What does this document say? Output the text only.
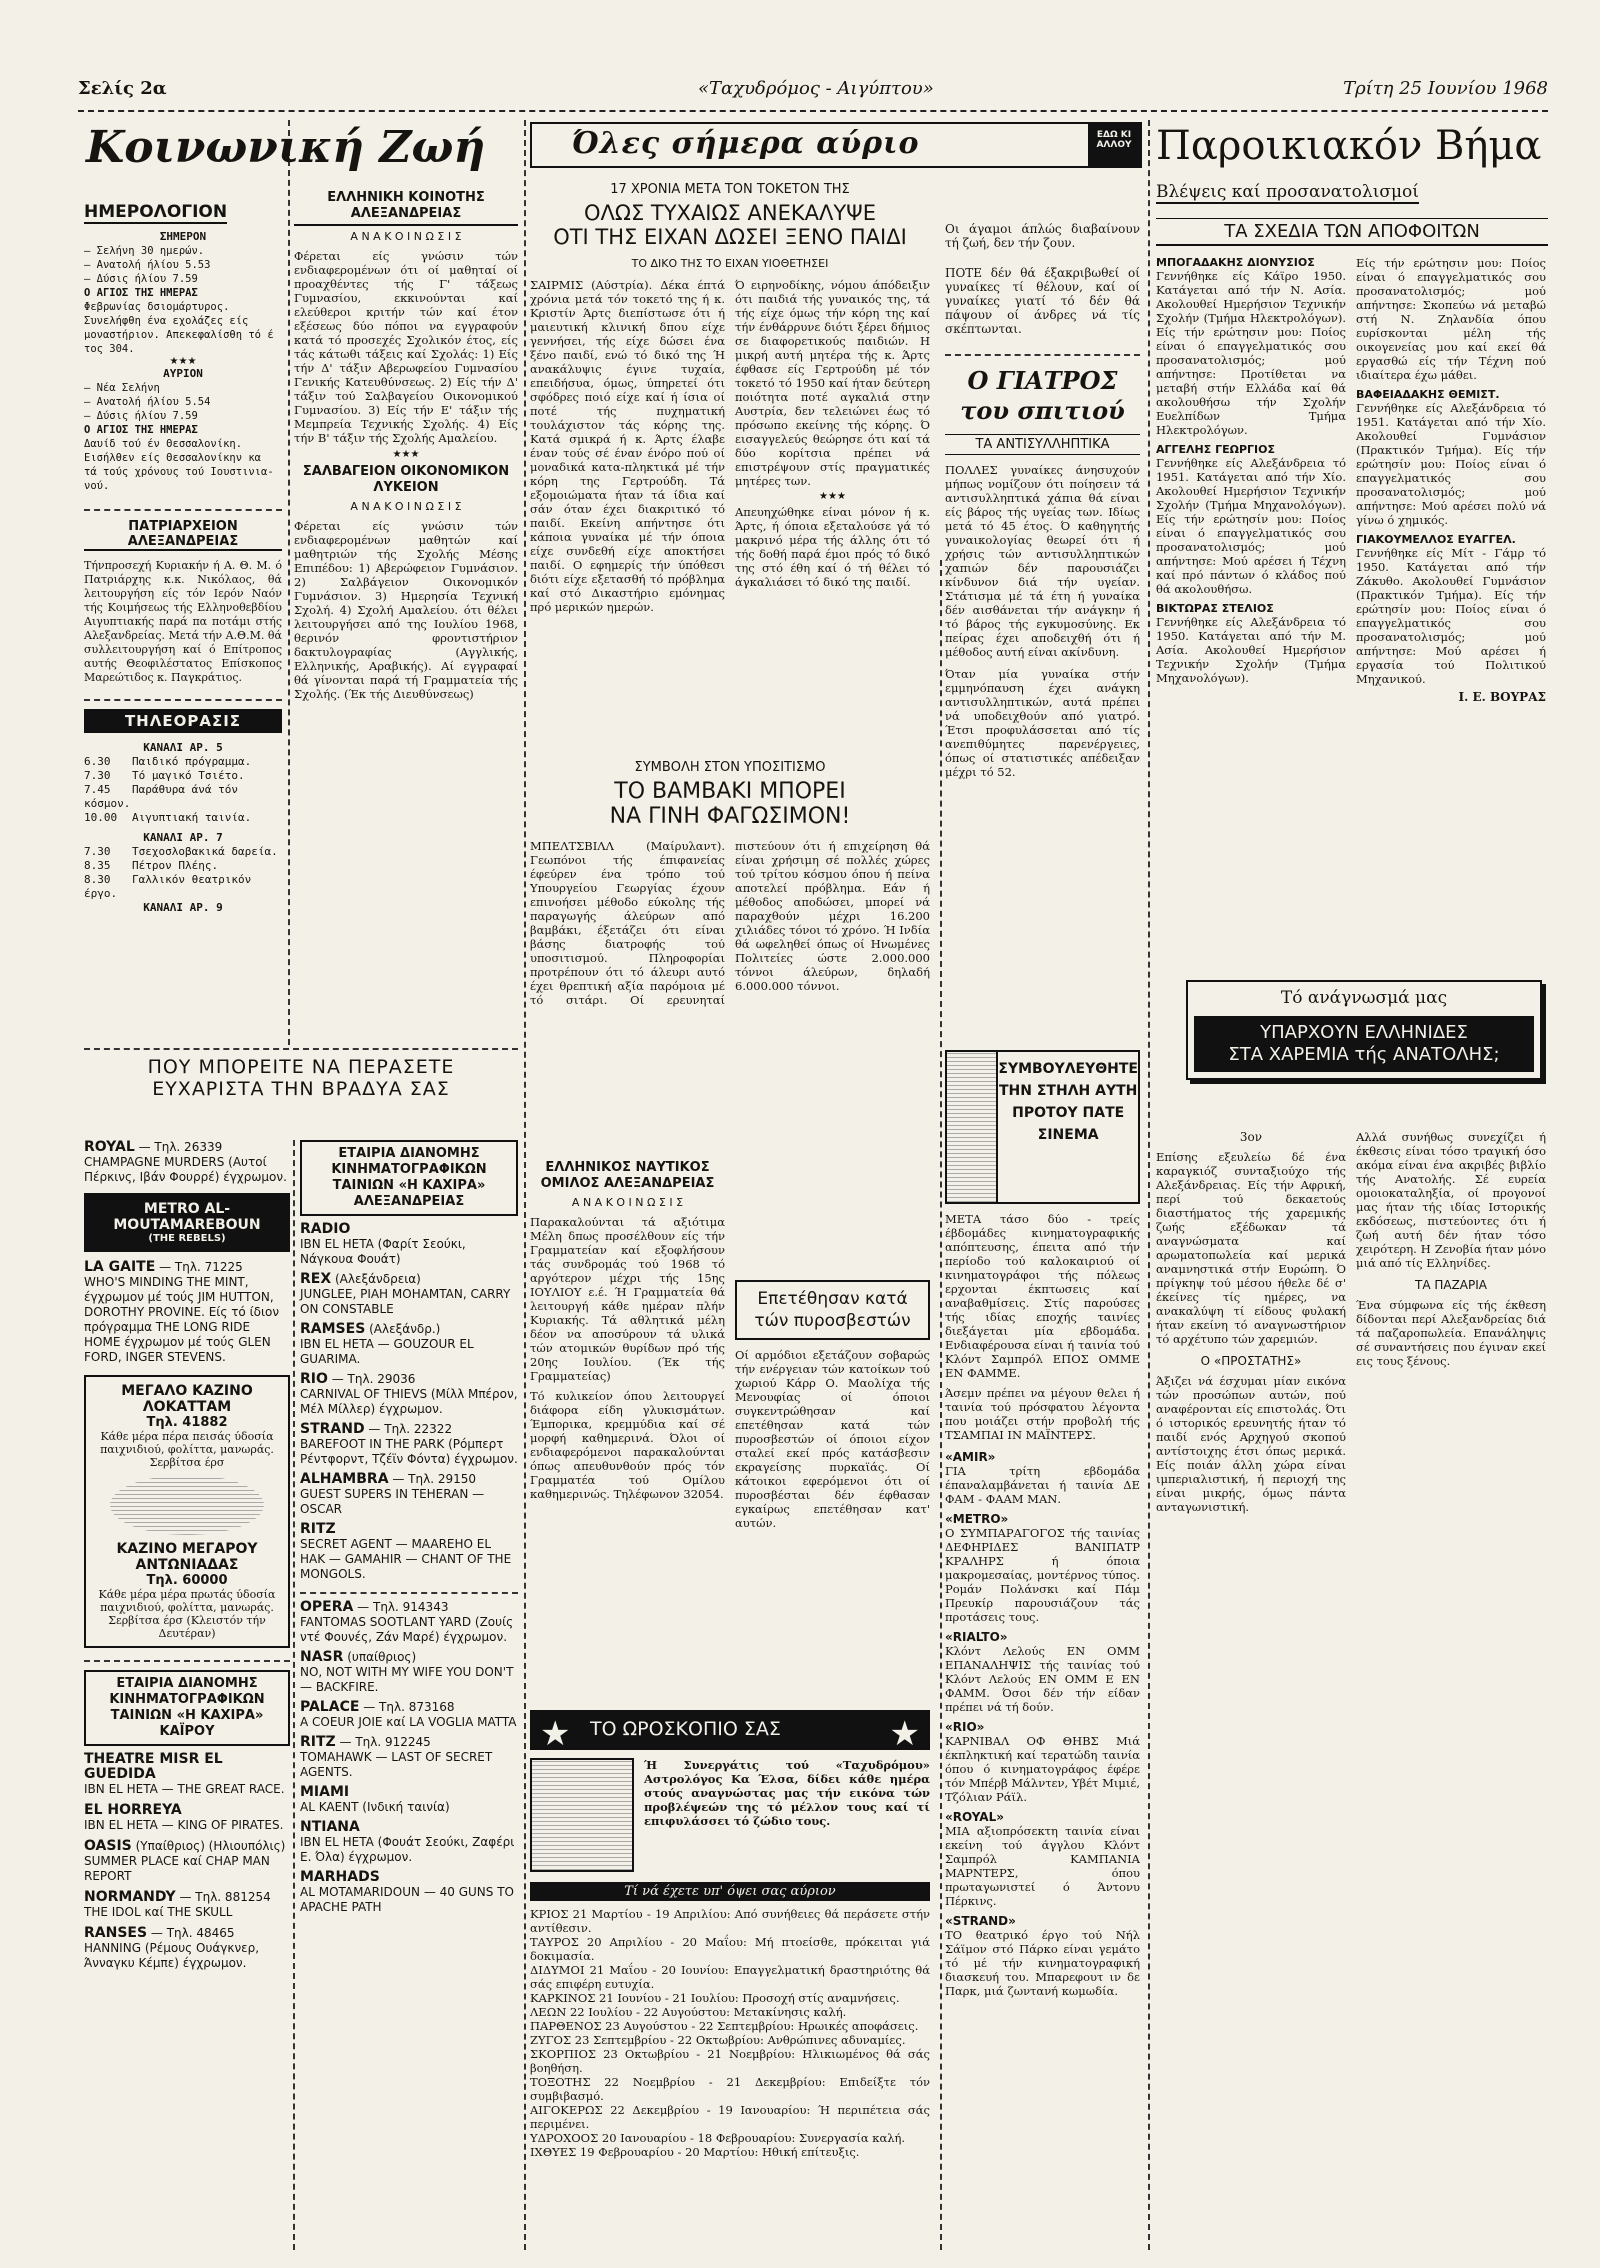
Σελίς 2α	«Ταχυδρόμος - Αιγύπτου»	Τρίτη 25 Ιουνίου 1968
Κοινωνική Ζωή
ΗΜΕΡΟΛΟΓΙΟΝ
ΣΗΜΕΡΟΝ
— Σελήνη 30 ημερών.
— Ανατολή ήλίου 5.53
— Δύσις ήλίου 7.59
Ο ΑΓΙΟΣ ΤΗΣ ΗΜΕΡΑΣ
Φεβρωνίας δσιομάρτυρος.
Συνελήφθη ένα εχολάζες είς
μοναστήριον. Απεκεφαλίσθη τό έ
τος 304.
★★★
ΑΥΡΙΟΝ
— Νέα Σελήνη
— Ανατολή ήλίου 5.54
— Δύσις ήλίου 7.59
Ο ΑΓΙΟΣ ΤΗΣ ΗΜΕΡΑΣ
Δαυίδ τού έν Θεσσαλονίκη.
Εισήλθεν είς Θεσσαλονίκην κα
τά τούς χρόνους τού Ιουστινια-
νού.
ΠΑΤΡΙΑΡΧΕΙΟΝ ΑΛΕΞΑΝΔΡΕΙΑΣ

Τήνπροσεχή Κυριακήν ή Α. Θ. Μ. ό Πατριάρχης κ.κ. Νικόλαος, θά λειτουργήση είς τόν Ιερόν Ναόν τής Κοιμήσεως τής Ελληνοθεβδίου Αιγυπτιακής παρά πα ποτάμι στής Αλεξανδρείας. Μετά τήν Α.Θ.Μ. θά συλλειτουργήση καί ό Επίτροπος αυτής Θεοφιλέστατος Επίσκοπος Μαρεώτιδος κ. Παγκράτιος.

ΤΗΛΕΟΡΑΣΙΣ
ΚΑΝΑΛΙ ΑΡ. 5
6.30 Παιδικό πρόγραμμα.
7.30 Τό μαγικό Τσιέτο.
7.45 Παράθυρα άνά τόν κόσμον.
10.00 Αιγυπτιακή ταινία.
ΚΑΝΑΛΙ ΑΡ. 7
7.30 Τσεχοσλοβακικά δαρεία.
8.35 Πέτρον Πλέης.
8.30 Γαλλικόν θεατρικόν έργο.
ΚΑΝΑΛΙ ΑΡ. 9
ΕΛΛΗΝΙΚΗ ΚΟΙΝΟΤΗΣ ΑΛΕΞΑΝΔΡΕΙΑΣ
Α Ν Α Κ Ο Ι Ν Ω Σ Ι Σ

Φέρεται είς γνώσιν τών ενδιαφερομένων ότι οί μαθηταί οί προαχθέντες τής Γ' τάξεως Γυμνασίου, εκκινούνται καί ελεύθεροι κριτήν τών καί έτον εξέσεως δύο πόποι να εγγραφούν κατά τό προσεχές Σχολικόν έτος, είς τάς κάτωθι τάξεις καί Σχολάς: 1) Είς τήν Δ' τάξιν Αβερωφείου Γυμνασίου Γενικής Κατευθύνσεως. 2) Είς τήν Δ' τάξιν τού Σαλβαγείου Οικονομικού Γυμνασίου. 3) Είς τήν Ε' τάξιν τής Μεμπρεία Τεχνικής Σχολής. 4) Είς τήν Β' τάξιν τής Σχολής Αμαλείου.

★★★
ΣΑΛΒΑΓΕΙΟΝ ΟΙΚΟΝΟΜΙΚΟΝ ΛΥΚΕΙΟΝ
Α Ν Α Κ Ο Ι Ν Ω Σ Ι Σ

Φέρεται είς γνώσιν τών ενδιαφερομένων μαθητών καί μαθητριών τής Σχολής Μέσης Επιπέδου: 1) Αβερώφειον Γυμνάσιον. 2) Σαλβάγειον Οικονομικόν Γυμνάσιον. 3) Ημερησία Τεχνική Σχολή. 4) Σχολή Αμαλείου. ότι θέλει λειτουργήσει από της Ιουλίου 1968, θερινόν φροντιστήριον δακτυλογραφίας (Αγγλικής, Ελληνικής, Αραβικής). Αί εγγραφαί θά γίνονται παρά τή Γραμματεία τής Σχολής. (Έκ τής Διευθύνσεως)

ΠΟΥ ΜΠΟΡΕΙΤΕ ΝΑ ΠΕΡΑΣΕΤΕ
ΕΥΧΑΡΙΣΤΑ ΤΗΝ ΒΡΑΔΥΑ ΣΑΣ
ROYAL — Τηλ. 26339
CHAMPAGNE MURDERS (Αυτοί Πέρκινς, Ιβάν Φουρρέ) έγχρωμον.
METRO AL-MOUTAMAREBOUN
(THE REBELS)
LA GAITE — Τηλ. 71225
WHO'S MINDING THE MINT, έγχρωμον μέ τούς JIM HUTTON, DOROTHY PROVINE. Είς τό ίδιον πρόγραμμα THE LONG RIDE HOME έγχρωμον μέ τούς GLEN FORD, INGER STEVENS.
ΜΕΓΑΛΟ ΚΑΖΙΝΟ ΛΟΚΑΤΤΑΜ
Τηλ. 41882
Κάθε μέρα πέρα πεισάς ύδοσία παιχνιδιού, φολίττα, μανωράς. Σερβίτσα έρσ
ΚΑΖΙΝΟ ΜΕΓΑΡΟΥ ΑΝΤΩΝΙΑΔΑΣ
Τηλ. 60000
Κάθε μέρα μέρα πρωτάς ύδοσία παιχνιδιού, φολίττα, μανωράς. Σερβίτσα έρσ (Κλειστόν τήν Δευτέραν)
ΕΤΑΙΡΙΑ ΔΙΑΝΟΜΗΣ ΚΙΝΗΜΑΤΟΓΡΑΦΙΚΩΝ ΤΑΙΝΙΩΝ «Η ΚΑΧΙΡΑ» ΚΑΪΡΟΥ
THEATRE MISR EL GUEDIDA
IBN EL HETA — THE GREAT RACE.
EL HORREYA
IBN EL HETA — KING OF PIRATES.
OASIS (Υπαίθριος) (Ηλιουπόλις)
SUMMER PLACE καί CHAP MAN REPORT
NORMANDY — Τηλ. 881254
THE IDOL καί THE SKULL
RANSES — Τηλ. 48465
HANNING (Ρέμους Ουάγκνερ, Άνναγκυ Κέμπε) έγχρωμον.
ΕΤΑΙΡΙΑ ΔΙΑΝΟΜΗΣ ΚΙΝΗΜΑΤΟΓΡΑΦΙΚΩΝ ΤΑΙΝΙΩΝ «Η ΚΑΧΙΡΑ» ΑΛΕΞΑΝΔΡΕΙΑΣ
RADIO
IBN EL HETA (Φαρίτ Σεούκι, Νάγκουα Φουάτ)
REX (Αλεξάνδρεια)
JUNGLEE, PIAH MOHAMTAN, CARRY ON CONSTABLE
RAMSES (Αλεξάνδρ.)
IBN EL HETA — GOUZOUR EL GUARIMA.
RIO — Τηλ. 29036
CARNIVAL OF THIEVS (Μίλλ Μπέρον, Μέλ Μίλλερ) έγχρωμον.
STRAND — Τηλ. 22322
BAREFOOT IN THE PARK (Ρόμπερτ Ρέντφορντ, Τζέϊν Φόντα) έγχρωμον.
ALHAMBRA — Τηλ. 29150
GUEST SUPERS IN TEHERAN — OSCAR
RITZ
SECRET AGENT — MAAREHO EL HAK — GAMAHIR — CHANT OF THE MONGOLS.
OPERA — Τηλ. 914343
FANTOMAS SOOTLANT YARD (Ζουίς ντέ Φουνές, Ζάν Μαρέ) έγχρωμον.
NASR (υπαίθριος)
NO, NOT WITH MY WIFE YOU DON'T — BACKFIRE.
PALACE — Τηλ. 873168
A COEUR JOIE καί LA VOGLIA MATTA
RITZ — Τηλ. 912245
TOMAHAWK — LAST OF SECRET AGENTS.
MIAMI
AL KAENT (Ινδική ταινία)
NTIANA
IBN EL HETA (Φουάτ Σεούκι, Ζαφέρι Ε. Όλα) έγχρωμον.
MARHADS
AL MOTAMARIDOUN — 40 GUNS TO APACHE PATH
Όλες σήμερα αύριο	ΕΔΩ ΚΙ ΑΛΛΟΥ
17 ΧΡΟΝΙΑ ΜΕΤΑ ΤΟΝ ΤΟΚΕΤΟΝ ΤΗΣ
ΟΛΩΣ ΤΥΧΑΙΩΣ ΑΝΕΚΑΛΥΨΕ
ΟΤΙ ΤΗΣ ΕΙΧΑΝ ΔΩΣΕΙ ΞΕΝΟ ΠΑΙΔΙ
ΤΟ ΔΙΚΟ ΤΗΣ ΤΟ ΕΙΧΑΝ ΥΙΟΘΕΤΗΣΕΙ

ΣΑΙΡΜΙΣ (Αύστρία). Δέκα έπτά χρόνια μετά τόν τοκετό της ή κ. Κριστίν Άρτς διεπίστωσε ότι ή μαιευτική κλινική δπου είχε γεννήσει, τής είχε δώσει ένα ξένο παιδί, ενώ τό δικό της Ή ανακάλυψις έγινε τυχαία, επειδήσυα, όμως, ύπηρετεί ότι σφόδρες ποιό είχε καί ή ίσια οί ποτέ τής πυχηματική τουλάχιστον τάς κόρης της. Κατά σμικρά ή κ. Άρτς έλαβε έναν τούς σέ έναν ένόρο πού οί μοναδικά κατα-πληκτικά μέ τήν κόρη της Γερτρούδη. Τά εξομοιώματα ήταν τά ίδια καί σάν όταν έχει διακριτικό τό παιδί. Εκείνη απήντησε ότι κάποια γυναίκα μέ τήν όποια είχε συνδεθή είχε αποκτήσει παιδί. Ο εφημερίς τήν ύπόθεσι διότι είχε εξετασθή τό πρόβλημα καί στό Δικαστήριο εμόνημας πρό μερικών ημερών.

Ό ειρηνοδίκης, νόμου άπόδειξιν ότι παιδιά τής γυναικός της, τά τής είχε όμως τήν κόρη της καί τήν ένθάρρυνε διότι ξέρει δήμιος σε διαφορετικούς παιδιών. Η μικρή αυτή μητέρα τής κ. Άρτς έφθασε είς Γερτρούδη μέ τόν τοκετό τό 1950 καί ήταν δεύτερη ποιότητα ποτέ αγκαλιά στην Αυστρία, δεν τελειώνει έως τό πρόσωπο εκείνης τής κόρης. Ό εισαγγελεύς θεώρησε ότι καί τά δύο κορίτσια πρέπει νά επιστρέψουν στίς πραγματικές μητέρες των.

★★★

Απευηχώθηκε είναι μόνον ή κ. Άρτς, ή όποια εξεταλούσε γά τό μακρινό μέρα τής άλλης ότι τό τής δοθή παρά έμοι πρός τό δικό της στό έθη καί ό τή θέλει τό άγκαλιάσει τό δικό της παιδί.

Οι άγαμοι άπλώς διαβαίνουν τή ζωή, δεν τήν ζουν.

ΠΟΤΕ δέν θά έξακριβωθεί οί γυναίκες τί θέλουν, καί οί γυναίκες γιατί τό δέν θά πάψουν οί άνδρες νά τίς σκέπτωνται.

Ο ΓΙΑΤΡΟΣ του σπιτιού
ΤΑ ΑΝΤΙΣΥΛΛΗΠΤΙΚΑ

ΠΟΛΛΕΣ γυναίκες άνησυχούν μήπως νομίζουν ότι ποίησειν τά αντισυλληπτικά χάπια θά είναι είς βάρος τής υγείας των. Ιδίως μετά τό 45 έτος. Ό καθηγητής γυναικολογίας θεωρεί ότι ή χρήσις τών αντισυλληπτικών χαπιών δέν παρουσιάζει κίνδυνον διά τήν υγείαν. Στάτισμα μέ τά έτη ή γυναίκα δέν αισθάνεται τήν ανάγκην ή τό βάρος τής εγκυμοσύνης. Εκ πείρας έχει αποδειχθή ότι ή μέθοδος αυτή είναι ακίνδυνη.

Όταν μία γυναίκα στήν εμμηνόπαυση έχει ανάγκη αντισυλληπτικών, αυτά πρέπει νά υποδειχθούν από γιατρό. Έτσι προφυλάσσεται από τίς ανεπιθύμητες παρενέργειες, όπως οί στατιστικές απέδειξαν μέχρι τό 52.

ΣΥΜΒΟΛΗ ΣΤΟΝ ΥΠΟΣΙΤΙΣΜΟ
ΤΟ ΒΑΜΒΑΚΙ ΜΠΟΡΕΙ
ΝΑ ΓΙΝΗ ΦΑΓΩΣΙΜΟΝ!

ΜΠΕΛΤΣΒΙΛΛ (Μαίρυλαντ). Γεωπόνοι τής έπιφανείας έφεύρεν ένα τρόπο τού Υπουργείου Γεωργίας έχουν επινοήσει μέθοδο εύκολης τής παραγωγής άλεύρων από βαμβάκι, έξετάζει ότι είναι βάσης διατροφής τού υποσιτισμού. Πληροφορίαι προτρέπουν ότι τό άλευρι αυτό έχει θρεπτική αξία παρόμοια μέ τό σιτάρι. Οί ερευνηταί πιστεύουν ότι ή επιχείρηση θά είναι χρήσιμη σέ πολλές χώρες τού τρίτου κόσμου όπου ή πείνα αποτελεί πρόβλημα. Εάν ή μέθοδος αποδώσει, μπορεί νά παραχθούν μέχρι 16.200 χιλιάδες τόνοι τό χρόνο. Ή Ινδία θά ωφεληθεί όπως οί Ηνωμένες Πολιτείες ώστε 2.000.000 τόννοι άλεύρων, δηλαδή 6.000.000 τόννοι.

ΕΛΛΗΝΙΚΟΣ ΝΑΥΤΙΚΟΣ ΟΜΙΛΟΣ ΑΛΕΞΑΝΔΡΕΙΑΣ
Α Ν Α Κ Ο Ι Ν Ω Σ Ι Σ

Παρακαλούνται τά αξιότιμα Μέλη δπως προσέλθουν είς τήν Γραμματείαν καί εξοφλήσουν τάς συνδρομάς τού 1968 τό αργότερον μέχρι τής 15ης ΙΟΥΛΙΟΥ ε.έ. Ή Γραμματεία θά λειτουργή κάθε ημέραν πλήν Κυριακής. Τά αθλητικά μέλη δέον να αποσύρουν τά υλικά τών ατομικών θυρίδων πρό τής 20ης Ιουλίου. (Έκ τής Γραμματείας)

Τό κυλικείον όπου λειτουργεί διάφορα είδη γλυκισμάτων. Έμπορικα, κρεμμύδια καί σέ μορφή καθημερινά. Όλοι οί ενδιαφερόμενοι παρακαλούνται όπως απευθυνθούν πρός τόν Γραμματέα τού Ομίλου καθημερινώς. Τηλέφωνον 32054.

Επετέθησαν κατά τών πυροσβεστών

Οί αρμόδιοι εξετάζουν σοβαρώς τήν ενέργειαν τών κατοίκων τού χωριού Κάρρ Ο. Μαολίχα τής Μενουφίας οί όποιοι συγκεντρώθησαν καί επετέθησαν κατά τών πυροσβεστών οί όποιοι είχον σταλεί εκεί πρός κατάσβεσιν εκραγείσης πυρκαϊάς. Οί κάτοικοι εφερόμενοι ότι οί πυροσβέσται δέν έφθασαν εγκαίρως επετέθησαν κατ' αυτών.

★ ΤΟ ΩΡΟΣΚΟΠΙΟ ΣΑΣ	★

Ή Συνεργάτις τού «Ταχυδρόμου» Αστρολόγος Κα Έλσα, δίδει κάθε ημέρα στούς αναγνώστας μας τήν εικόνα τών προβλέψεών της τό μέλλον τους καί τί επιφυλάσσει τό ζώδιο τους.

Τί νά έχετε υπ' όψει σας αύριον

ΚΡΙΟΣ 21 Μαρτίου - 19 Απριλίου: Από συνήθειες θά περάσετε στήν αντίθεσιν.

ΤΑΥΡΟΣ 20 Απριλίου - 20 Μαΐου: Μή πτοείσθε, πρόκειται γιά δοκιμασία.

ΔΙΔΥΜΟΙ 21 Μαΐου - 20 Ιουνίου: Επαγγελματική δραστηριότης θά σάς επιφέρη ευτυχία.

ΚΑΡΚΙΝΟΣ 21 Ιουνίου - 21 Ιουλίου: Προσοχή στίς αναμνήσεις.

ΛΕΩΝ 22 Ιουλίου - 22 Αυγούστου: Μετακίνησις καλή.

ΠΑΡΘΕΝΟΣ 23 Αυγούστου - 22 Σεπτεμβρίου: Ηρωικές αποφάσεις.

ΖΥΓΟΣ 23 Σεπτεμβρίου - 22 Οκτωβρίου: Ανθρώπινες αδυναμίες.

ΣΚΟΡΠΙΟΣ 23 Οκτωβρίου - 21 Νοεμβρίου: Ηλικιωμένος θά σάς βοηθήση.

ΤΟΞΟΤΗΣ 22 Νοεμβρίου - 21 Δεκεμβρίου: Επιδείξτε τόν συμβιβασμό.

ΑΙΓΟΚΕΡΩΣ 22 Δεκεμβρίου - 19 Ιανουαρίου: Ή περιπέτεια σάς περιμένει.

ΥΔΡΟΧΟΟΣ 20 Ιανουαρίου - 18 Φεβρουαρίου: Συνεργασία καλή.

ΙΧΘΥΕΣ 19 Φεβρουαρίου - 20 Μαρτίου: Ηθική επίτευξις.

ΣΥΜΒΟΥΛΕΥΘΗΤΕ ΤΗΝ ΣΤΗΛΗ ΑΥΤΗ ΠΡΟΤΟΥ ΠΑΤΕ ΣΙΝΕΜΑ

ΜΕΤΑ τάσο δύο - τρείς έβδομάδες κινηματογραφικής απόπτευσης, έπειτα από τήν περίοδο τού καλοκαιριού οί κινηματογράφοι τής πόλεως ερχονται έκπτωσεις καί αναβαθμίσεις. Στίς παρούσες τής ιδίας εποχής ταινίες διεξάγεται μία εβδομάδα. Ενδιαφέρουσα είναι ή ταινία τού Κλόντ Σαμπρόλ ΕΠΟΣ ΟΜΜΕ ΕΝ ΦΑΜΜΕ.

Άσεμν πρέπει να μέγουν θελει ή ταινία τού πρόσφατου λέγοντα που μοιάζει στήν προβολή τής ΤΣΑΜΠΑΙ ΙΝ ΜΑΪΝΤΕΡΣ.

«AMIR»

ΓΙΑ τρίτη εβδομάδα έπαναλαμβάνεται ή ταινία ΔΕ ΦΑΜ - ΦΑΑΜ ΜΑΝ.

«METRO»

Ο ΣΥΜΠΑΡΑΓΟΓΟΣ τής ταινίας ΔΕΦΗΡΙΔΕΣ ΒΑΝΙΠΑΤΡ ΚΡΑΛΗΡΣ ή όποια μακρομεσαίας, μοντέρνος τύπος. Ρομάν Πολάνσκι καί Πάμ Πρευκίρ παρουσιάζουν τάς προτάσεις τους.

«RIALTO»

Κλόντ Λελούς ΕΝ ΟΜΜ ΕΠΑΝΑΛΗΨΙΣ τής ταινίας τού Κλόντ Λελούς ΕΝ ΟΜΜ Ε ΕΝ ΦΑΜΜ. Όσοι δέν τήν είδαν πρέπει νά τή δούν.

«RIO»

ΚΑΡΝΙΒΑΛ ΟΦ ΘΗΒΣ Μιά έκπληκτική καί τερατώδη ταινία όπου ό κινηματογράφος έφέρε τόν Μπέρβ Μάλντεν, Υβέτ Μιμιέ, Τζόλιαν Ράϊλ.

«ROYAL»

ΜΙΑ αξιοπρόσεκτη ταινία είναι εκείνη τού άγγλου Κλόντ Σαμπρόλ ΚΑΜΠΑΝΙΑ ΜΑΡΝΤΕΡΣ, όπου πρωταγωνιστεί ό Άντονυ Πέρκινς.

«STRAND»

ΤΟ θεατρικό έργο τού Νήλ Σάϊμον στό Πάρκο είναι γεμάτο τό μέ τήν κινηματογραφική διασκευή του. Μπαρεφουτ ιν δε Παρκ, μιά ζωντανή κωμωδία.

Παροικιακόν Βήμα
Βλέψεις καί προσανατολισμοί
ΤΑ ΣΧΕΔΙΑ ΤΩΝ ΑΠΟΦΟΙΤΩΝ
ΜΠΟΓΑΔΑΚΗΣ ΔΙΟΝΥΣΙΟΣ

Γεννήθηκε είς Κάϊρο 1950. Κατάγεται από τήν Ν. Ασία. Ακολουθεί Ημερήσιον Τεχνικήν Σχολήν (Τμήμα Ηλεκτρολόγων). Είς τήν ερώτησιν μου: Ποίος είναι ό επαγγελματικός σου προσανατολισμός; μού απήντησε: Προτίθεται να μεταβή στήν Ελλάδα καί θά ακολουθήσω τήν Σχολήν Ευελπίδων Τμήμα Ηλεκτρολόγων.

ΑΓΓΕΛΗΣ ΓΕΩΡΓΙΟΣ

Γεννήθηκε είς Αλεξάνδρεια τό 1951. Κατάγεται από τήν Χίο. Ακολουθεί Ημερήσιον Τεχνικήν Σχολήν (Τμήμα Μηχανολόγων). Είς τήν ερώτησίν μου: Ποίος είναι ό επαγγελματικός σου προσανατολισμός; μού απήντησε: Μού αρέσει ή Τέχνη καί πρό πάντων ό κλάδος πού θά ακολουθήσω.

ΒΙΚΤΩΡΑΣ ΣΤΕΛΙΟΣ

Γεννήθηκε είς Αλεξάνδρεια τό 1950. Κατάγεται από τήν Μ. Ασία. Ακολουθεί Ημερήσιον Τεχνικήν Σχολήν (Τμήμα Μηχανολόγων).

Είς τήν ερώτησιν μου: Ποίος είναι ό επαγγελματικός σου προσανατολισμός; μού απήντησε: Σκοπεύω νά μεταβώ στή Ν. Ζηλανδία όπου ευρίσκονται μέλη τής οικογενείας μου καί εκεί θά εργασθώ είς τήν Τέχνη πού ιδιαίτερα έχω μάθει.

ΒΑΦΕΙΑΔΑΚΗΣ ΘΕΜΙΣΤ.

Γεννήθηκε είς Αλεξάνδρεια τό 1951. Κατάγεται από τήν Χίο. Ακολουθεί Γυμνάσιον (Πρακτικόν Τμήμα). Είς τήν ερώτησίν μου: Ποίος είναι ό επαγγελματικός σου προσανατολισμός; μού απήντησε: Μού αρέσει πολύ νά γίνω ό χημικός.

ΓΙΑΚΟΥΜΕΛΛΟΣ ΕΥΑΓΓΕΛ.

Γεννήθηκε είς Μίτ - Γάμρ τό 1950. Κατάγεται από τήν Ζάκυθο. Ακολουθεί Γυμνάσιον (Πρακτικόν Τμήμα). Είς τήν ερώτησίν μου: Ποίος είναι ό επαγγελματικός σου προσανατολισμός; μού απήντησε: Μού αρέσει ή εργασία τού Πολιτικού Μηχανικού.

Ι. Ε. ΒΟΥΡΑΣ
Τό ανάγνωσμά μας
ΥΠΑΡΧΟΥΝ ΕΛΛΗΝΙΔΕΣ
ΣΤΑ ΧΑΡΕΜΙΑ τής ΑΝΑΤΟΛΗΣ;
3ον

Επίσης εξευλείω δέ ένα καραγκιόζ συνταξιούχο τής Αλεξάνδρειας. Είς τήν Αφρική, περί τού δεκαετούς διαστήματος τής χαρεμικής ζωής εξέδωκαν τά αναγνώσματα καί αρωματοπωλεία καί μερικά αναμνηστικά στήν Ευρώπη. Ό πρίγκηψ τού μέσου ήθελε δέ σ' έκείνες τίς ημέρες, να ανακαλύψη τί είδους φυλακή ήταν εκείνη τό αναγνωστήριον τό αρχέτυπο τών χαρεμιών.

Ο «ΠΡΟΣΤΑΤΗΣ»

Άξιζει νά έσχυμαι μίαν εικόνα τών προσώπων αυτών, πού αναφέρονται είς επιστολάς. Ότι ό ιστορικός ερευνητής ήταν τό παιδί ενός Αρχηγού σκοπού αντίστοιχης έτσι όπως μερικά. Είς ποιάν άλλη χώρα είναι ιμπεριαλιστική, ή περιοχή της είναι μικρής, όμως πάντα ανταγωνιστική.

Αλλά συνήθως συνεχίζει ή έκθεσις είναι τόσο τραγική όσο ακόμα είναι ένα ακριβές βιβλίο τής Ανατολής. Σέ ευρεία ομοιοκαταληξία, οί προγονοί μας ήταν τής ιδίας Ιστορικής εκδόσεως, πιστεύοντες ότι ή ζωή αυτή δέν ήταν τόσο χειρότερη. Η Ζενοβία ήταν μόνο μιά από τίς Ελληνίδες.

ΤΑ ΠΑΖΑΡΙΑ

Ένα σύμφωνα είς τής έκθεση δίδονται περί Αλεξανδρείας διά τά παζαροπωλεία. Επανάληψις σέ συναντήσεις που έγιναν εκεί εις τους ξένους.
